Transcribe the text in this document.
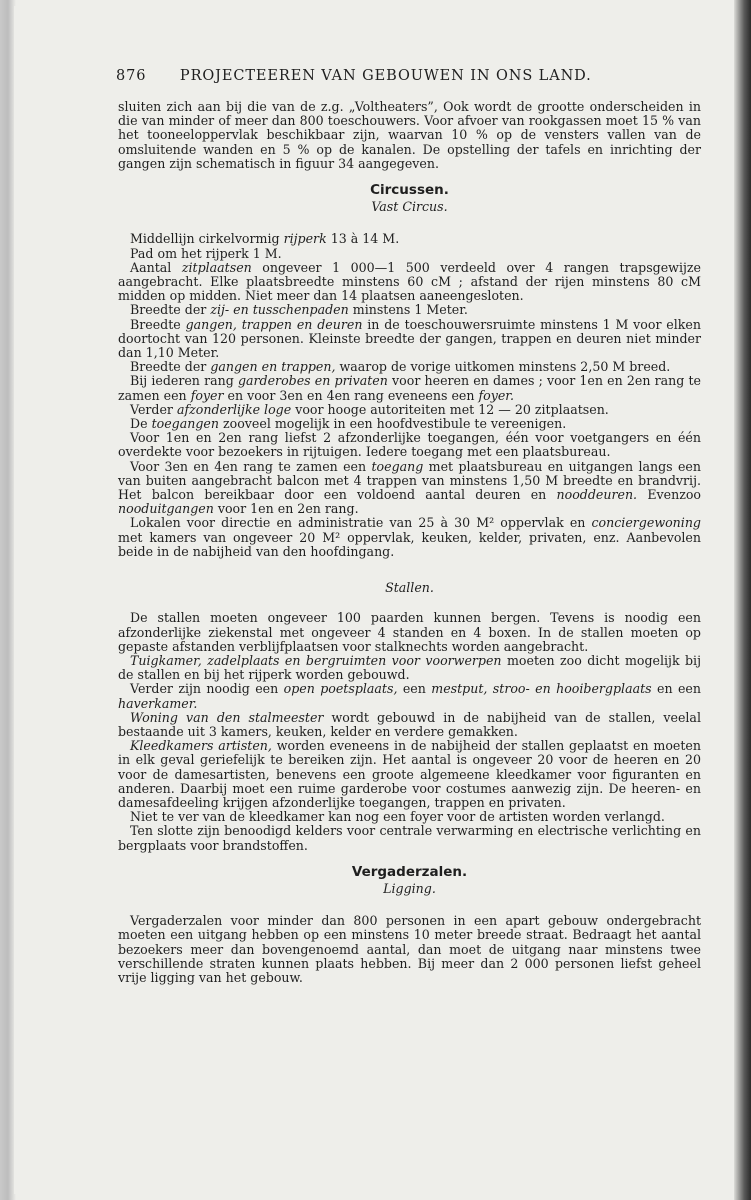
876 PROJECTEEREN VAN GEBOUWEN IN ONS LAND.

sluiten zich aan bij die van de z.g. „Voltheaters”, Ook wordt de grootte onderscheiden in die van minder of meer dan 800 toeschouwers. Voor afvoer van rookgassen moet 15 % van het tooneeloppervlak beschikbaar zijn, waarvan 10 % op de vensters vallen van de omsluitende wanden en 5 % op de kanalen. De opstelling der tafels en inrichting der gangen zijn schematisch in figuur 34 aangegeven.

Circussen.
Vast Circus.

Middellijn cirkelvormig rijperk 13 à 14 M.

Pad om het rijperk 1 M.

Aantal zitplaatsen ongeveer 1 000—1 500 verdeeld over 4 rangen trapsgewijze aangebracht. Elke plaatsbreedte minstens 60 cM ; afstand der rijen minstens 80 cM midden op midden. Niet meer dan 14 plaatsen aaneengesloten.

Breedte der zij- en tusschenpaden minstens 1 Meter.

Breedte gangen, trappen en deuren in de toeschouwersruimte minstens 1 M voor elken doortocht van 120 personen. Kleinste breedte der gangen, trappen en deuren niet minder dan 1,10 Meter.

Breedte der gangen en trappen, waarop de vorige uitkomen minstens 2,50 M breed.

Bij iederen rang garderobes en privaten voor heeren en dames ; voor 1en en 2en rang te zamen een foyer en voor 3en en 4en rang eveneens een foyer.

Verder afzonderlijke loge voor hooge autoriteiten met 12 — 20 zitplaatsen.

De toegangen zooveel mogelijk in een hoofdvestibule te vereenigen.

Voor 1en en 2en rang liefst 2 afzonderlijke toegangen, één voor voetgangers en één overdekte voor bezoekers in rijtuigen. Iedere toegang met een plaatsbureau.

Voor 3en en 4en rang te zamen een toegang met plaatsbureau en uitgangen langs een van buiten aangebracht balcon met 4 trappen van minstens 1,50 M breedte en brandvrij. Het balcon bereikbaar door een voldoend aantal deuren en nooddeuren. Evenzoo nooduitgangen voor 1en en 2en rang.

Lokalen voor directie en administratie van 25 à 30 M² oppervlak en conciergewoning met kamers van ongeveer 20 M² oppervlak, keuken, kelder, privaten, enz. Aanbevolen beide in de nabijheid van den hoofdingang.

Stallen.

De stallen moeten ongeveer 100 paarden kunnen bergen. Tevens is noodig een afzonderlijke ziekenstal met ongeveer 4 standen en 4 boxen. In de stallen moeten op gepaste afstanden verblijfplaatsen voor stalknechts worden aangebracht.

Tuigkamer, zadelplaats en bergruimten voor voorwerpen moeten zoo dicht mogelijk bij de stallen en bij het rijperk worden gebouwd.

Verder zijn noodig een open poetsplaats, een mestput, stroo- en hooibergplaats en een haverkamer.

Woning van den stalmeester wordt gebouwd in de nabijheid van de stallen, veelal bestaande uit 3 kamers, keuken, kelder en verdere gemakken.

Kleedkamers artisten, worden eveneens in de nabijheid der stallen geplaatst en moeten in elk geval geriefelijk te bereiken zijn. Het aantal is ongeveer 20 voor de heeren en 20 voor de damesartisten, benevens een groote algemeene kleedkamer voor figuranten en anderen. Daarbij moet een ruime garderobe voor costumes aanwezig zijn. De heeren- en damesafdeeling krijgen afzonderlijke toegangen, trappen en privaten.

Niet te ver van de kleedkamer kan nog een foyer voor de artisten worden verlangd.

Ten slotte zijn benoodigd kelders voor centrale verwarming en electrische verlichting en bergplaats voor brandstoffen.

Vergaderzalen.
Ligging.

Vergaderzalen voor minder dan 800 personen in een apart gebouw ondergebracht moeten een uitgang hebben op een minstens 10 meter breede straat. Bedraagt het aantal bezoekers meer dan bovengenoemd aantal, dan moet de uitgang naar minstens twee verschillende straten kunnen plaats hebben. Bij meer dan 2 000 personen liefst geheel vrije ligging van het gebouw.
